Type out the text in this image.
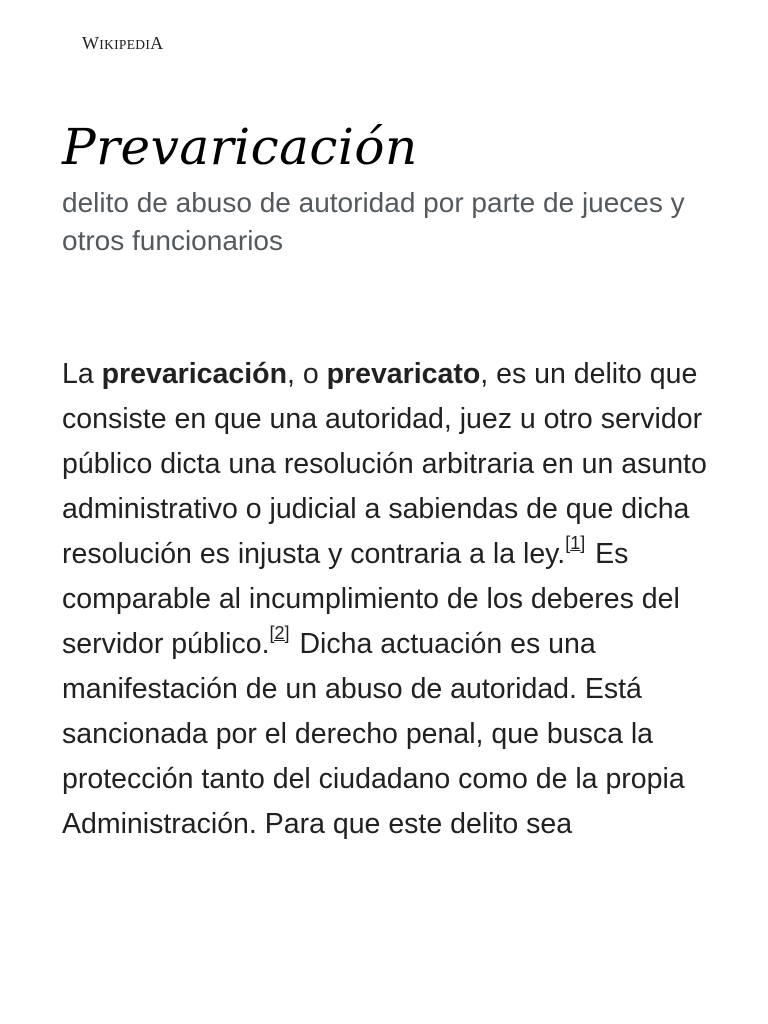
WIKIPEDIA
Prevaricación

delito de abuso de autoridad por parte de jueces y otros funcionarios

La prevaricación, o prevaricato, es un delito que consiste en que una autoridad, juez u otro servidor público dicta una resolución arbitraria en un asunto administrativo o judicial a sabiendas de que dicha resolución es injusta y contraria a la ley.[1] Es comparable al incumplimiento de los deberes del servidor público.[2] Dicha actuación es una manifestación de un abuso de autoridad. Está sancionada por el derecho penal, que busca la protección tanto del ciudadano como de la propia Administración. Para que este delito sea
